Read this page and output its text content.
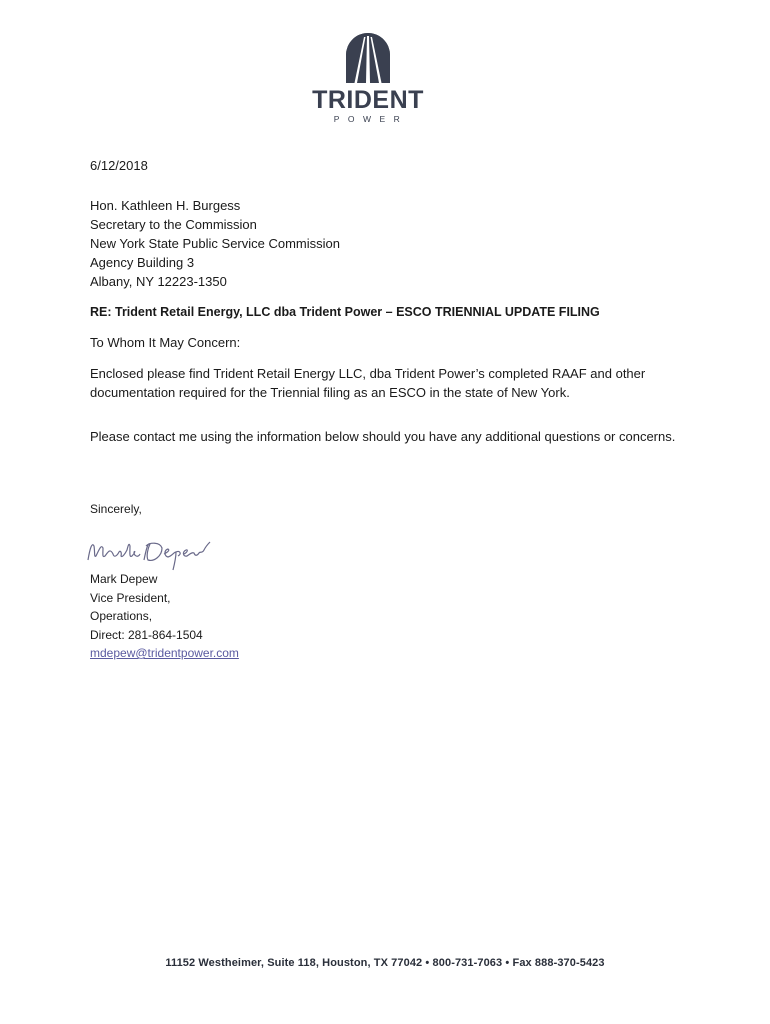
TRIDENT
POWER
6/12/2018
Hon. Kathleen H. Burgess
Secretary to the Commission
New York State Public Service Commission
Agency Building 3
Albany, NY 12223-1350
RE: Trident Retail Energy, LLC dba Trident Power – ESCO TRIENNIAL UPDATE FILING
To Whom It May Concern:
Enclosed please find Trident Retail Energy LLC, dba Trident Power’s completed RAAF and other documentation required for the Triennial filing as an ESCO in the state of New York.
Please contact me using the information below should you have any additional questions or concerns.
Sincerely,
Mark Depew
Vice President,
Operations,
Direct: 281-864-1504
mdepew@tridentpower.com
11152 Westheimer, Suite 118, Houston, TX 77042 • 800-731-7063 • Fax 888-370-5423
